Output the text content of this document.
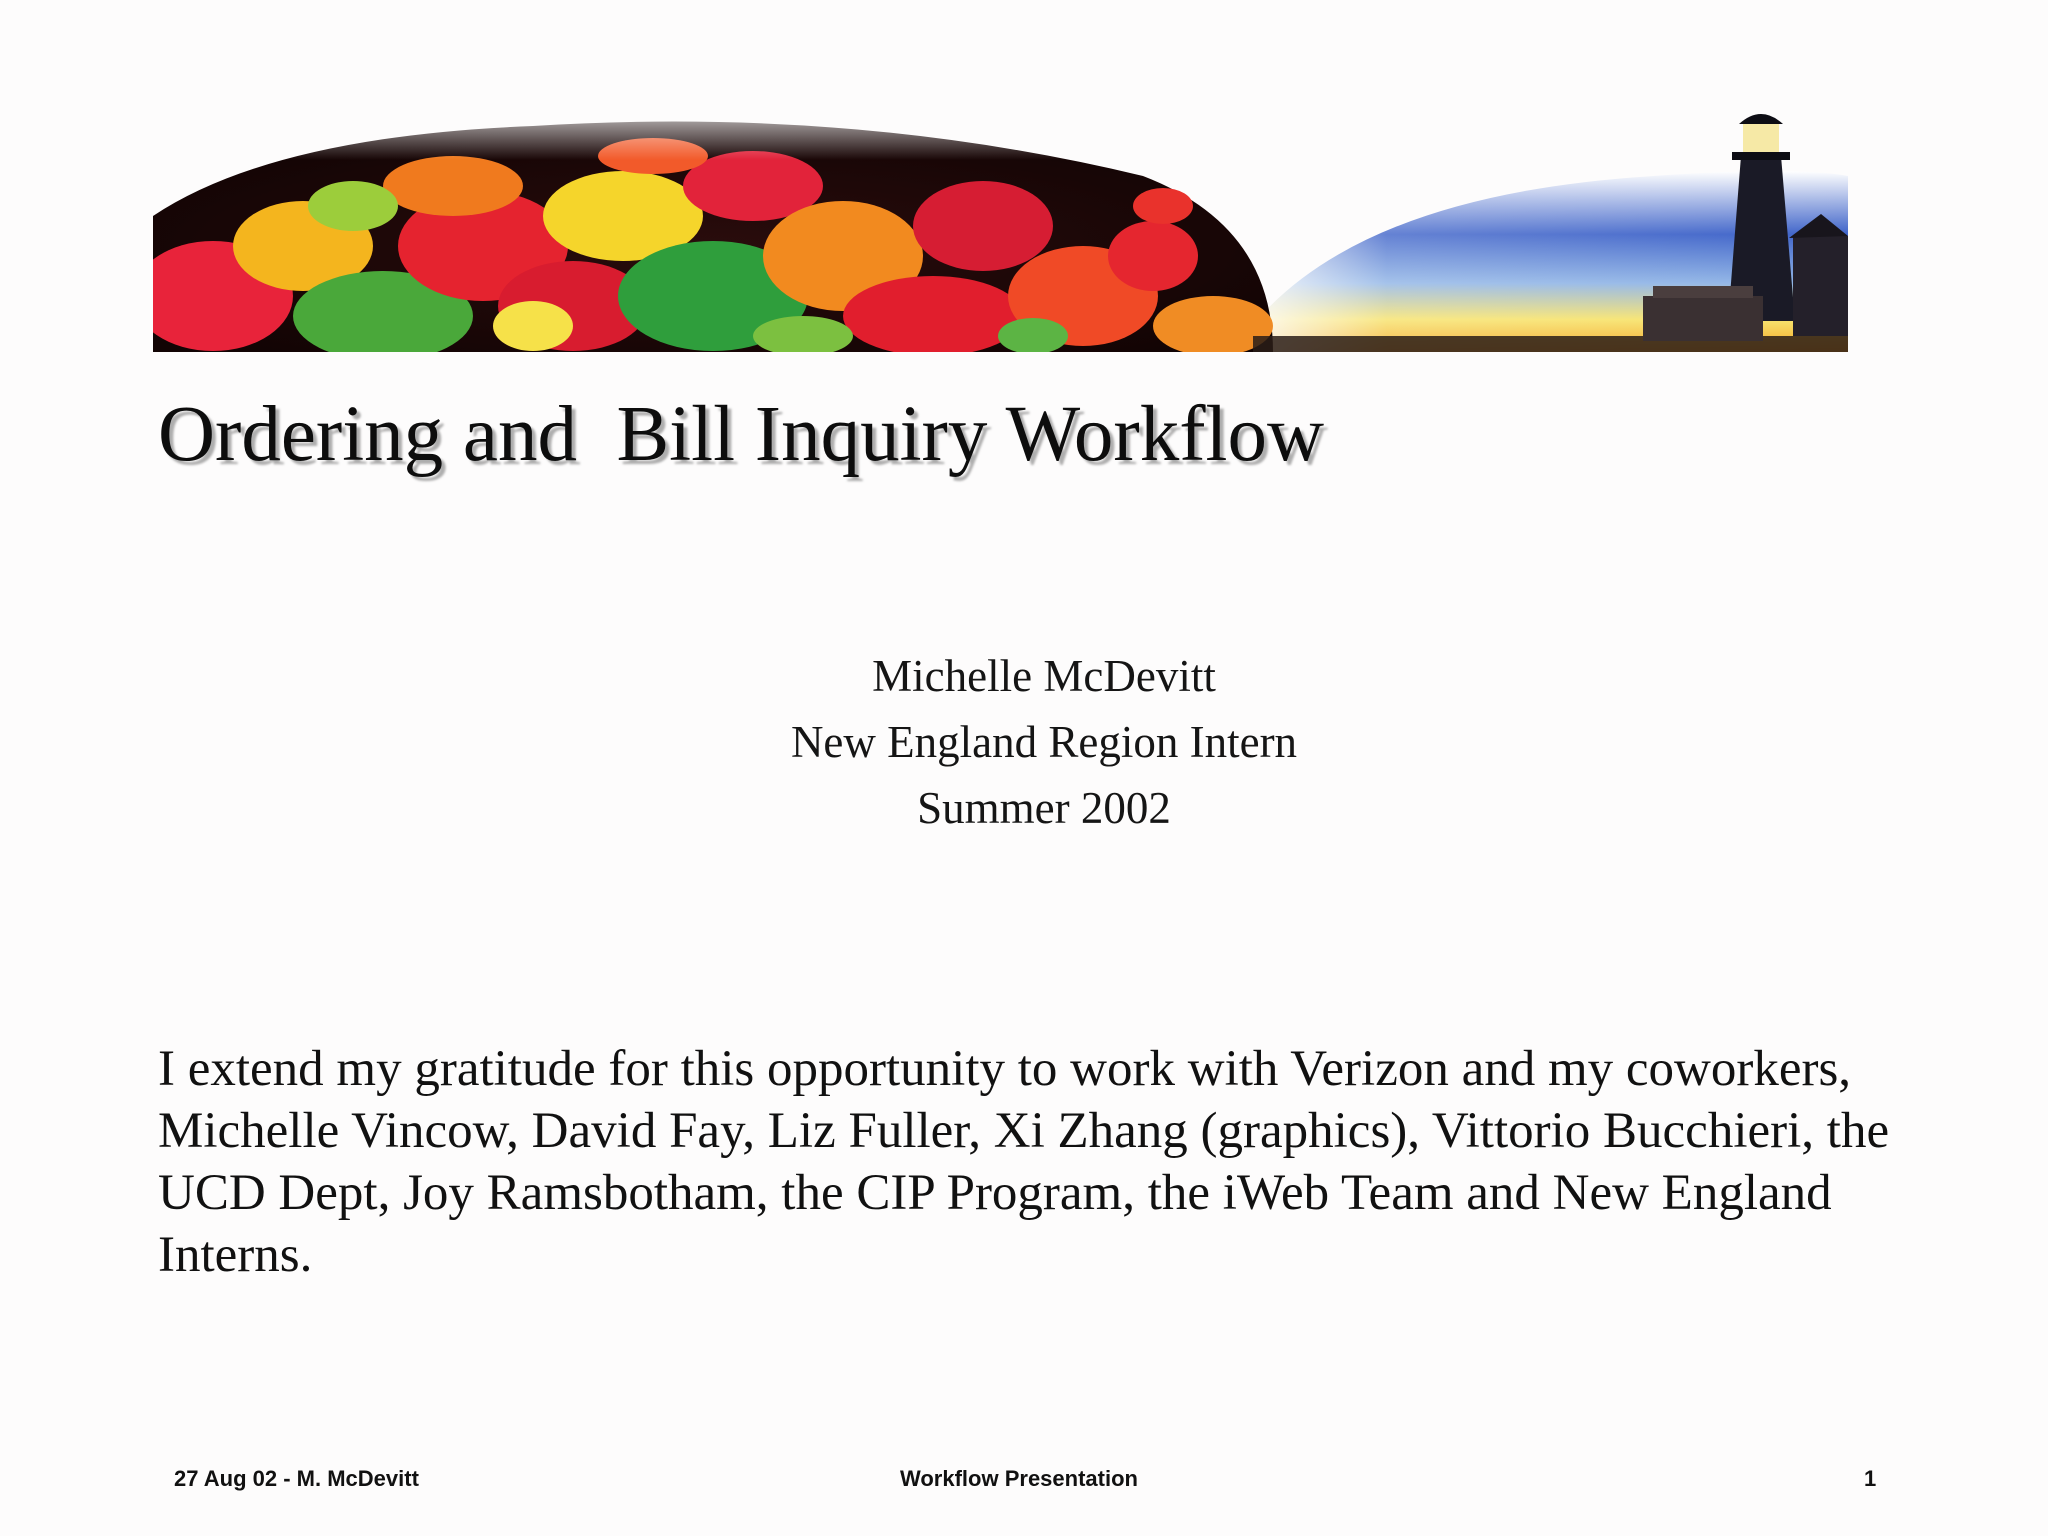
Ordering and  Bill Inquiry Workflow
Michelle McDevitt
New England Region Intern
Summer 2002
I extend my gratitude for this opportunity to work with Verizon and my coworkers, Michelle Vincow, David Fay, Liz Fuller, Xi Zhang (graphics), Vittorio Bucchieri, the UCD Dept, Joy Ramsbotham, the CIP Program, the iWeb Team and New England Interns.
27 Aug 02 - M. McDevitt	Workflow Presentation	1
